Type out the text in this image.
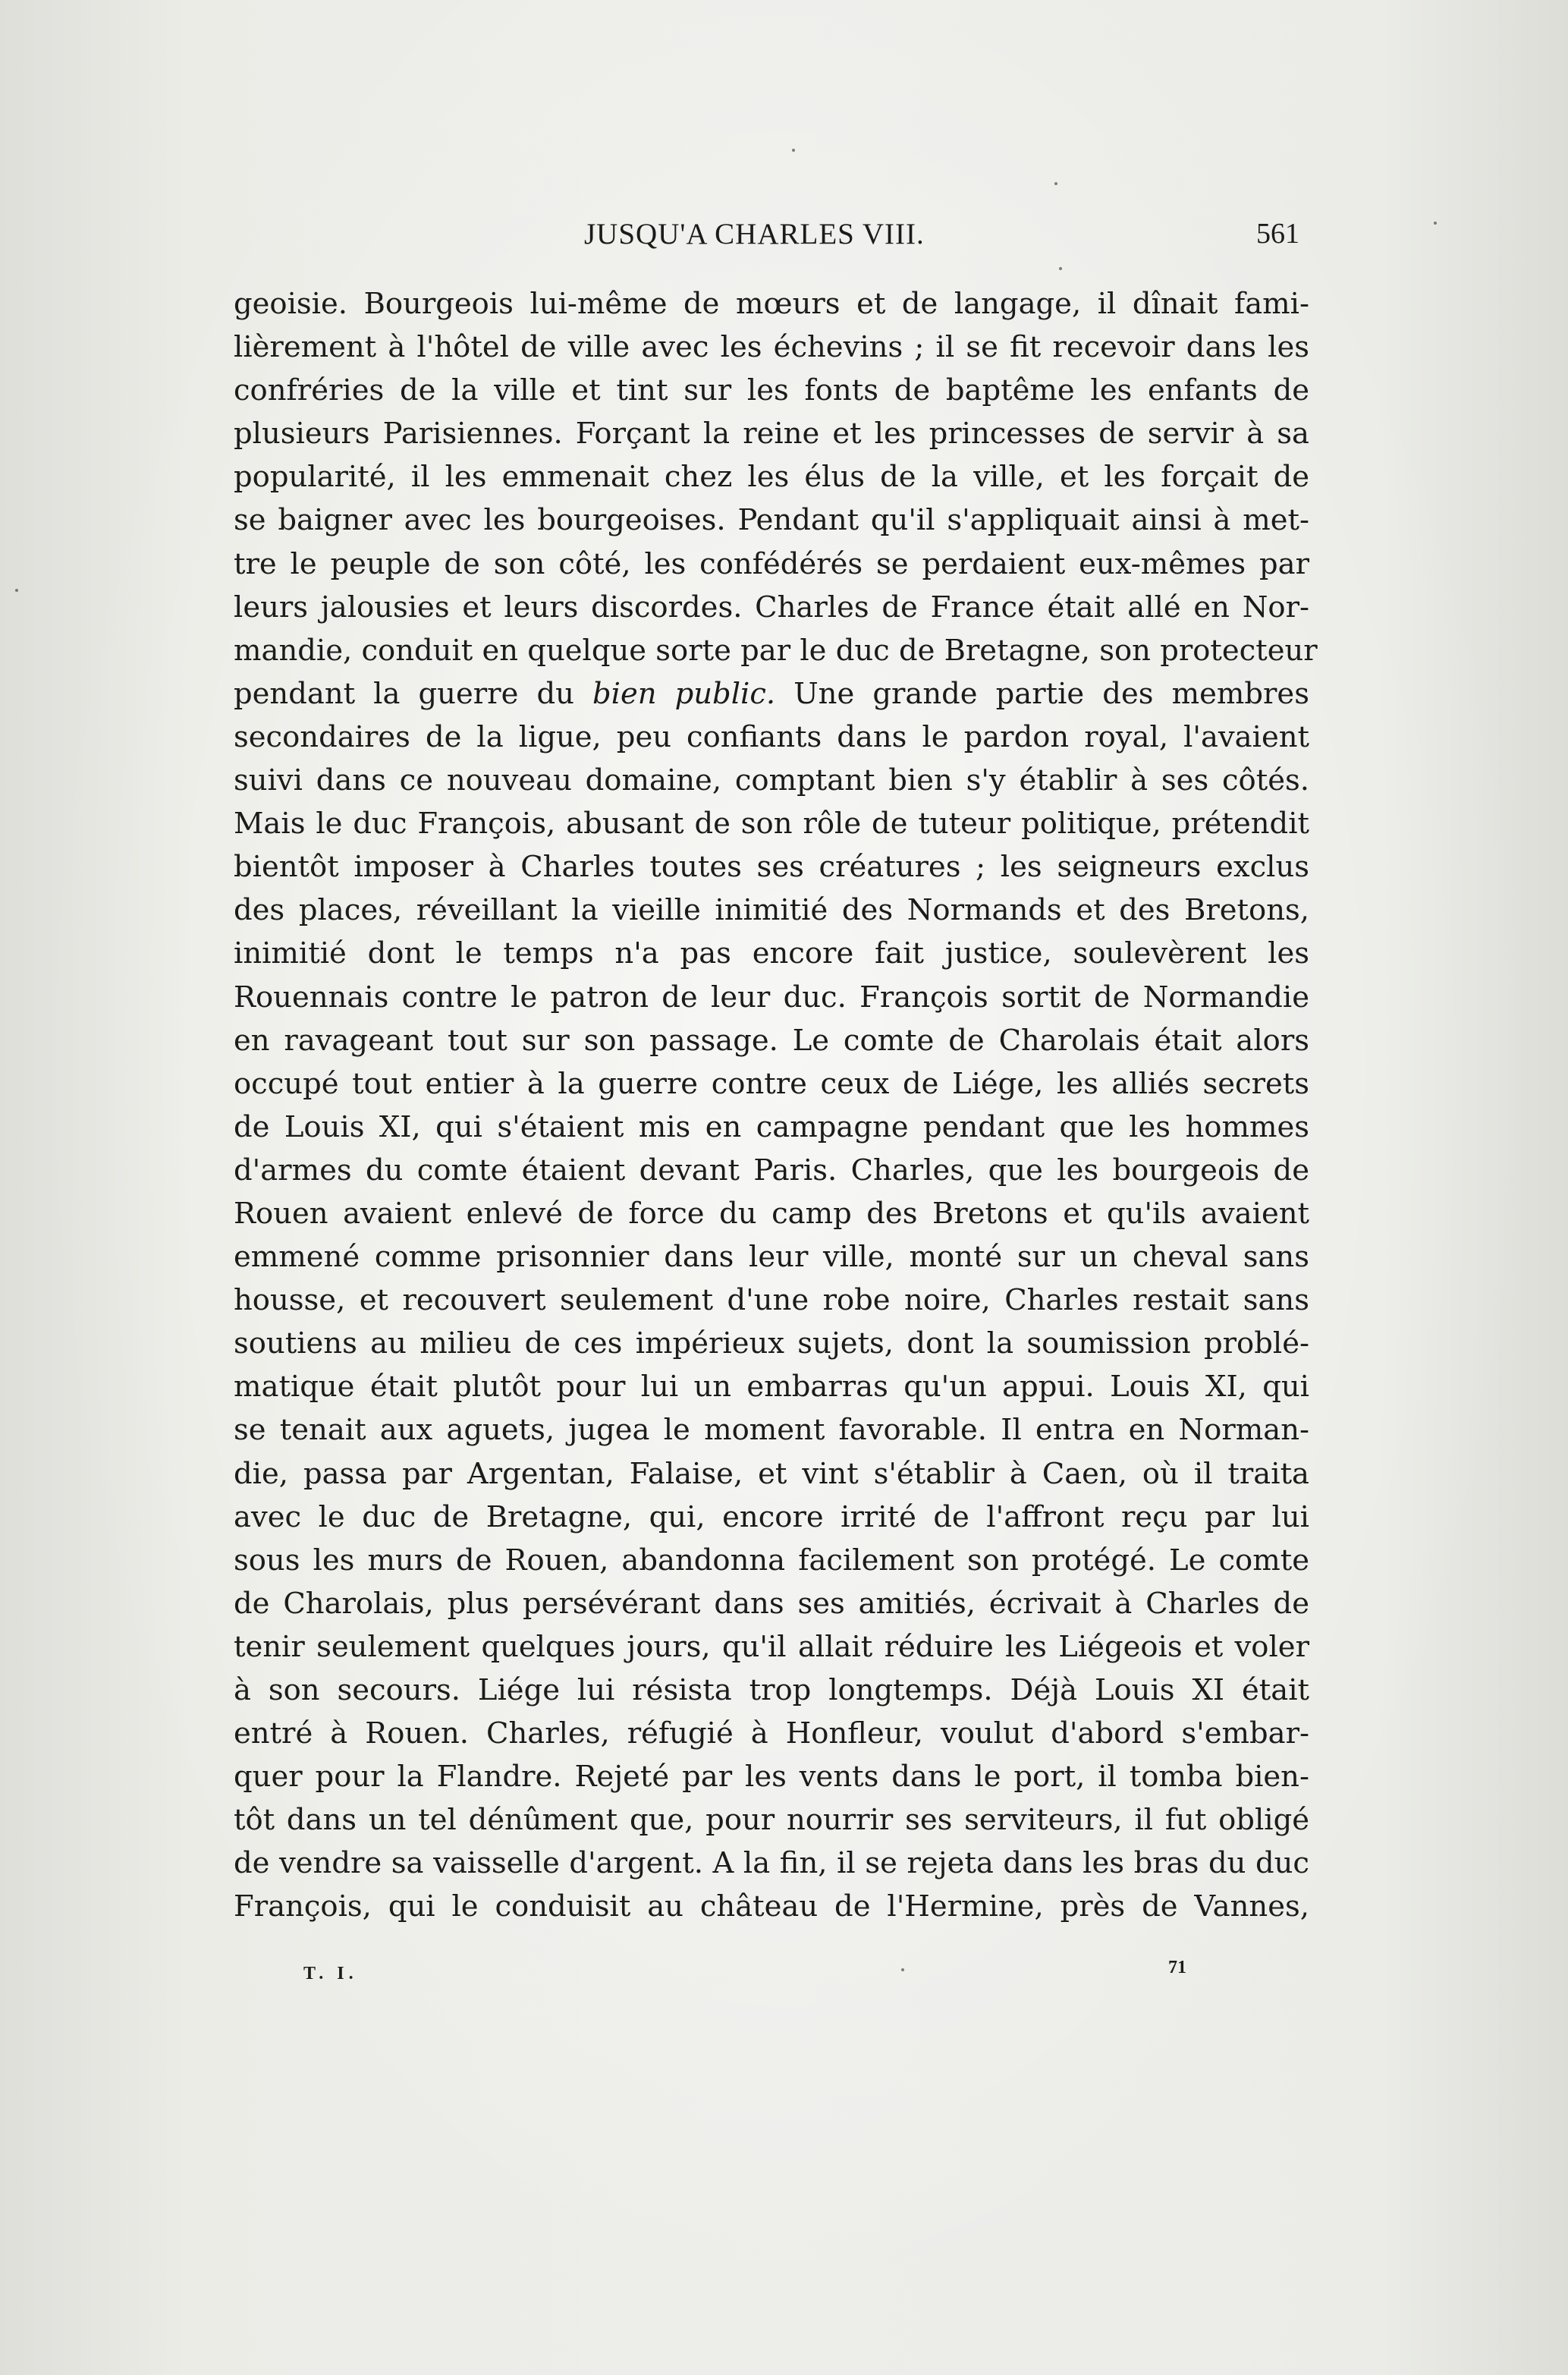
JUSQU'A CHARLES VIII.	561
geoisie. Bourgeois lui-même de mœurs et de langage, il dînait fami-
lièrement à l'hôtel de ville avec les échevins ; il se fit recevoir dans les
confréries de la ville et tint sur les fonts de baptême les enfants de
plusieurs Parisiennes. Forçant la reine et les princesses de servir à sa
popularité, il les emmenait chez les élus de la ville, et les forçait de
se baigner avec les bourgeoises. Pendant qu'il s'appliquait ainsi à met-
tre le peuple de son côté, les confédérés se perdaient eux-mêmes par
leurs jalousies et leurs discordes. Charles de France était allé en Nor-
mandie, conduit en quelque sorte par le duc de Bretagne, son protecteur
pendant la guerre du bien public. Une grande partie des membres
secondaires de la ligue, peu confiants dans le pardon royal, l'avaient
suivi dans ce nouveau domaine, comptant bien s'y établir à ses côtés.
Mais le duc François, abusant de son rôle de tuteur politique, prétendit
bientôt imposer à Charles toutes ses créatures ; les seigneurs exclus
des places, réveillant la vieille inimitié des Normands et des Bretons,
inimitié dont le temps n'a pas encore fait justice, soulevèrent les
Rouennais contre le patron de leur duc. François sortit de Normandie
en ravageant tout sur son passage. Le comte de Charolais était alors
occupé tout entier à la guerre contre ceux de Liége, les alliés secrets
de Louis XI, qui s'étaient mis en campagne pendant que les hommes
d'armes du comte étaient devant Paris. Charles, que les bourgeois de
Rouen avaient enlevé de force du camp des Bretons et qu'ils avaient
emmené comme prisonnier dans leur ville, monté sur un cheval sans
housse, et recouvert seulement d'une robe noire, Charles restait sans
soutiens au milieu de ces impérieux sujets, dont la soumission problé-
matique était plutôt pour lui un embarras qu'un appui. Louis XI, qui
se tenait aux aguets, jugea le moment favorable. Il entra en Norman-
die, passa par Argentan, Falaise, et vint s'établir à Caen, où il traita
avec le duc de Bretagne, qui, encore irrité de l'affront reçu par lui
sous les murs de Rouen, abandonna facilement son protégé. Le comte
de Charolais, plus persévérant dans ses amitiés, écrivait à Charles de
tenir seulement quelques jours, qu'il allait réduire les Liégeois et voler
à son secours. Liége lui résista trop longtemps. Déjà Louis XI était
entré à Rouen. Charles, réfugié à Honfleur, voulut d'abord s'embar-
quer pour la Flandre. Rejeté par les vents dans le port, il tomba bien-
tôt dans un tel dénûment que, pour nourrir ses serviteurs, il fut obligé
de vendre sa vaisselle d'argent. A la fin, il se rejeta dans les bras du duc
François, qui le conduisit au château de l'Hermine, près de Vannes,
T. I.	71
